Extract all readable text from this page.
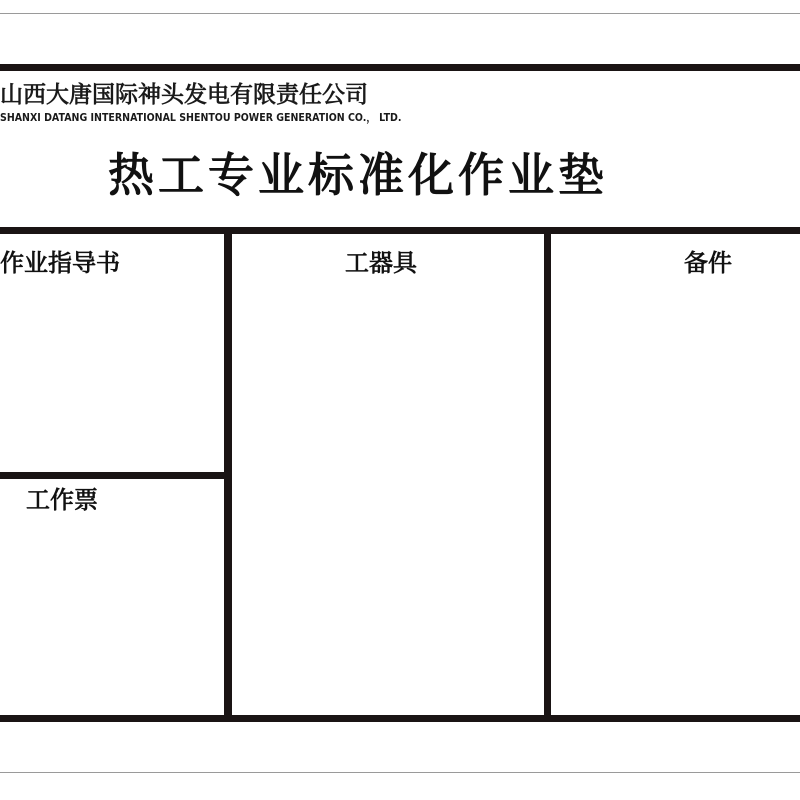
山西大唐国际神头发电有限责任公司
SHANXI DATANG INTERNATIONAL SHENTOU POWER GENERATION CO.， LTD.
热工专业标准化作业垫
作业指导书
工作票
工器具	备件
